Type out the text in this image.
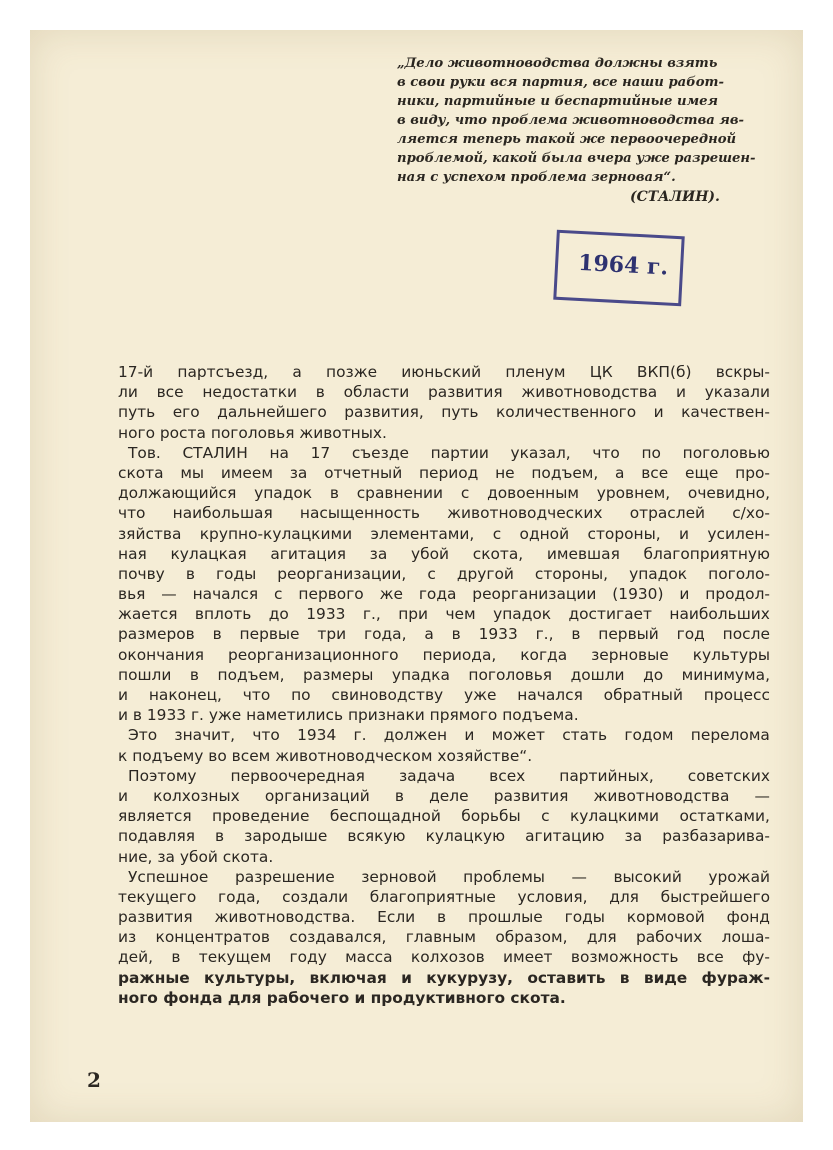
„Дело животноводства должны взять
в свои руки вся партия, все наши работ-
ники, партийные и беспартийные имея
в виду, что проблема животноводства яв-
ляется теперь такой же первоочередной
проблемой, какой была вчера уже разрешен-
ная с успехом проблема зерновая“.
(СТАЛИН).
1964 г.
17-й партсъезд, а позже июньский пленум ЦК ВКП(б) вскры-
ли все недостатки в области развития животноводства и указали
путь его дальнейшего развития, путь количественного и качествен-
ного роста поголовья животных.
Тов. СТАЛИН на 17 съезде партии указал, что по поголовью
скота мы имеем за отчетный период не подъем, а все еще про-
должающийся упадок в сравнении с довоенным уровнем, очевидно,
что наибольшая насыщенность животноводческих отраслей с/хо-
зяйства крупно-кулацкими элементами, с одной стороны, и усилен-
ная кулацкая агитация за убой скота, имевшая благоприятную
почву в годы реорганизации, с другой стороны, упадок поголо-
вья — начался с первого же года реорганизации (1930) и продол-
жается вплоть до 1933 г., при чем упадок достигает наибольших
размеров в первые три года, а в 1933 г., в первый год после
окончания реорганизационного периода, когда зерновые культуры
пошли в подъем, размеры упадка поголовья дошли до минимума,
и наконец, что по свиноводству уже начался обратный процесс
и в 1933 г. уже наметились признаки прямого подъема.
Это значит, что 1934 г. должен и может стать годом перелома
к подъему во всем животноводческом хозяйстве“.
Поэтому первоочередная задача всех партийных, советских
и колхозных организаций в деле развития животноводства —
является проведение беспощадной борьбы с кулацкими остатками,
подавляя в зародыше всякую кулацкую агитацию за разбазарива-
ние, за убой скота.
Успешное разрешение зерновой проблемы — высокий урожай
текущего года, создали благоприятные условия, для быстрейшего
развития животноводства. Если в прошлые годы кормовой фонд
из концентратов создавался, главным образом, для рабочих лоша-
дей, в текущем году масса колхозов имеет возможность все фу-
ражные культуры, включая и кукурузу, оставить в виде фураж-
ного фонда для рабочего и продуктивного скота.
2
